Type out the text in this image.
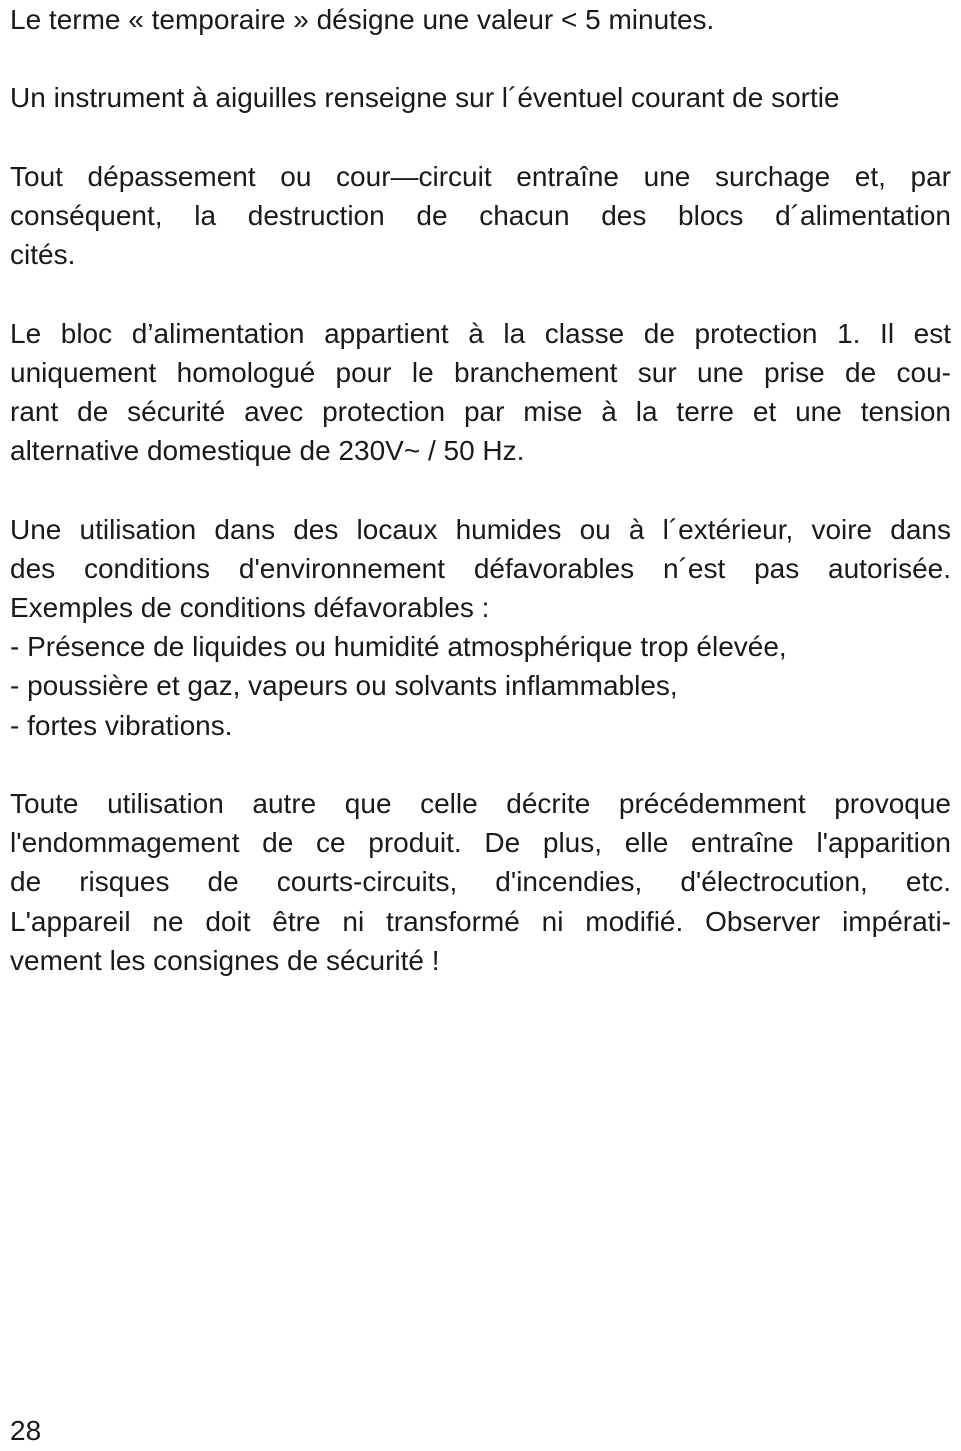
Le terme « temporaire » désigne une valeur < 5 minutes.
Un instrument à aiguilles renseigne sur l´éventuel courant de sortie
Tout dépassement ou cour—circuit entraîne une surchage et, par
conséquent, la destruction de chacun des blocs d´alimentation
cités.
Le bloc d’alimentation appartient à la classe de protection 1. Il est
uniquement homologué pour le branchement sur une prise de cou-
rant de sécurité avec protection par mise à la terre et une tension
alternative domestique de 230V~ / 50 Hz.
Une utilisation dans des locaux humides ou à l´extérieur, voire dans
des conditions d'environnement défavorables n´est pas autorisée.
Exemples de conditions défavorables :
- Présence de liquides ou humidité atmosphérique trop élevée,
- poussière et gaz, vapeurs ou solvants inflammables,
- fortes vibrations.
Toute utilisation autre que celle décrite précédemment provoque
l'endommagement de ce produit. De plus, elle entraîne l'apparition
de risques de courts-circuits, d'incendies, d'électrocution, etc.
L'appareil ne doit être ni transformé ni modifié. Observer impérati-
vement les consignes de sécurité !
28
